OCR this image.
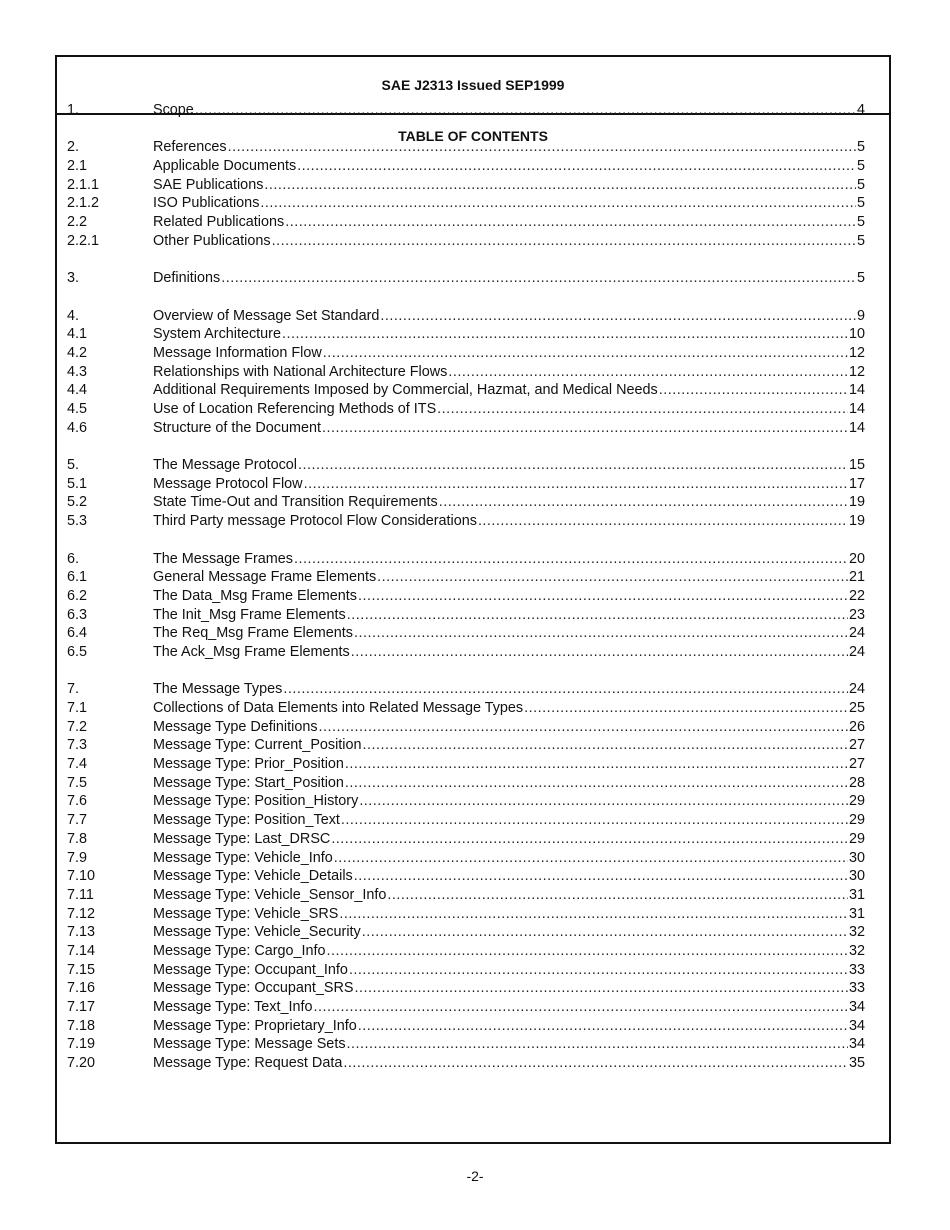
SAE J2313 Issued SEP1999
TABLE OF CONTENTS
1.	Scope .....	4
2.	References .....	5
2.1	Applicable Documents .....	5
2.1.1	SAE Publications .....	5
2.1.2	ISO Publications .....	5
2.2	Related Publications .....	5
2.2.1	Other Publications .....	5
3.	Definitions .....	5
4.	Overview of Message Set Standard .....	9
4.1	System Architecture .....	10
4.2	Message Information Flow .....	12
4.3	Relationships with National Architecture Flows .....	12
4.4	Additional Requirements Imposed by Commercial, Hazmat, and Medical Needs .....	14
4.5	Use of Location Referencing Methods of ITS .....	14
4.6	Structure of the Document .....	14
5.	The Message Protocol .....	15
5.1	Message Protocol Flow .....	17
5.2	State Time-Out and Transition Requirements .....	19
5.3	Third Party message Protocol Flow Considerations .....	19
6.	The Message Frames .....	20
6.1	General Message Frame Elements .....	21
6.2	The Data_Msg Frame Elements .....	22
6.3	The Init_Msg Frame Elements .....	23
6.4	The Req_Msg Frame Elements .....	24
6.5	The Ack_Msg Frame Elements .....	24
7.	The Message Types .....	24
7.1	Collections of Data Elements into Related Message Types .....	25
7.2	Message Type Definitions .....	26
7.3	Message Type: Current_Position .....	27
7.4	Message Type: Prior_Position .....	27
7.5	Message Type: Start_Position .....	28
7.6	Message Type: Position_History .....	29
7.7	Message Type: Position_Text .....	29
7.8	Message Type: Last_DRSC .....	29
7.9	Message Type: Vehicle_Info .....	30
7.10	Message Type: Vehicle_Details .....	30
7.11	Message Type: Vehicle_Sensor_Info .....	31
7.12	Message Type: Vehicle_SRS .....	31
7.13	Message Type: Vehicle_Security .....	32
7.14	Message Type: Cargo_Info .....	32
7.15	Message Type: Occupant_Info .....	33
7.16	Message Type: Occupant_SRS .....	33
7.17	Message Type: Text_Info .....	34
7.18	Message Type: Proprietary_Info .....	34
7.19	Message Type: Message Sets .....	34
7.20	Message Type: Request Data .....	35
-2-
